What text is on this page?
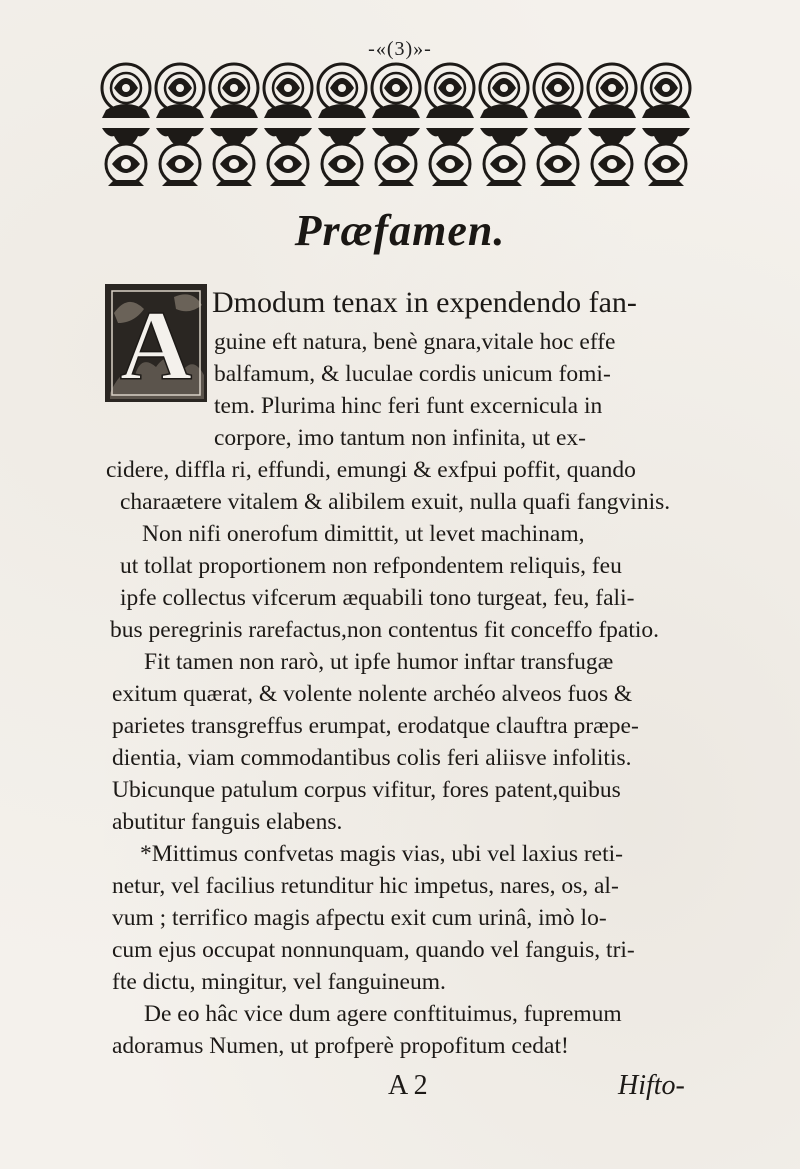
-«(3)»-
Præfamen.
A Dmodum tenax in expendendo fan-
guine eft natura, benè gnara,vitale hoc effe
balfamum, & luculae cordis unicum fomi-
tem. Plurima hinc feri funt excernicula in
corpore, imo tantum non infinita, ut ex-
cidere, diffla ri, effundi, emungi & exfpui poffit, quando
charaætere vitalem & alibilem exuit, nulla quafi fangvinis.
Non nifi onerofum dimittit, ut levet machinam,
ut tollat proportionem non refpondentem reliquis, feu
ipfe collectus vifcerum æquabili tono turgeat, feu, fali-
bus peregrinis rarefactus,non contentus fit conceffo fpatio.
Fit tamen non rarò, ut ipfe humor inftar transfugæ
exitum quærat, & volente nolente archéo alveos fuos &
parietes transgreffus erumpat, erodatque clauftra præpe-
dientia, viam commodantibus colis feri aliisve infolitis.
Ubicunque patulum corpus vifitur, fores patent,quibus
abutitur fanguis elabens.
*Mittimus confvetas magis vias, ubi vel laxius reti-
netur, vel facilius retunditur hic impetus, nares, os, al-
vum ; terrifico magis afpectu exit cum urinâ, imò lo-
cum ejus occupat nonnunquam, quando vel fanguis, tri-
fte dictu, mingitur, vel fanguineum.
De eo hâc vice dum agere conftituimus, fupremum
adoramus Numen, ut profperè propofitum cedat!
A 2	Hifto-
